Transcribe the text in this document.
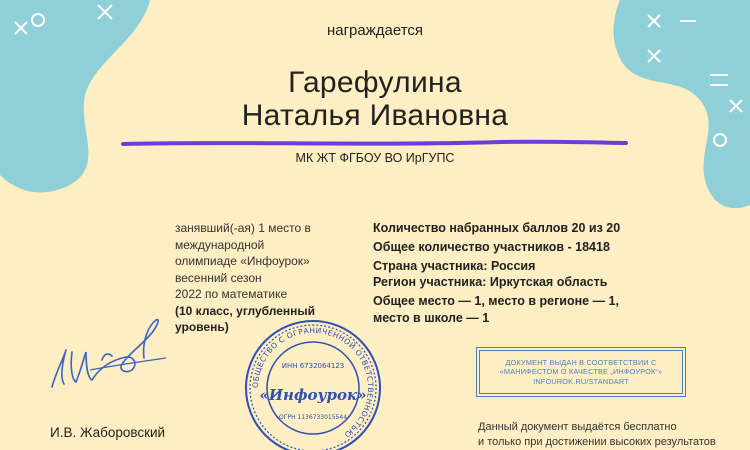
награждается
Гарефулина
Наталья Ивановна
МК ЖТ ФГБОУ ВО ИрГУПС
занявший(-ая) 1 место в международной
олимпиаде «Инфоурок» весенний сезон
2022 по математике
(10 класс, углубленный уровень)
Количество набранных баллов 20 из 20
Общее количество участников - 18418
Страна участника: Россия
Регион участника: Иркутская область
Общее место — 1, место в регионе — 1,
место в школе — 1
И.В. Жаборовский
ОБЩЕСТВО С ОГРАНИЧЕННОЙ ОТВЕТСТВЕННОСТЬЮ
ИНН 6732064123
«Инфоурок»
ОГРН 1136733015544
ДОКУМЕНТ ВЫДАН В СООТВЕТСТВИИ С
«МАНИФЕСТОМ О КАЧЕСТВЕ „ИНФОУРОК“»
INFOUROK.RU/STANDART
Данный документ выдаётся бесплатно
и только при достижении высоких результатов
